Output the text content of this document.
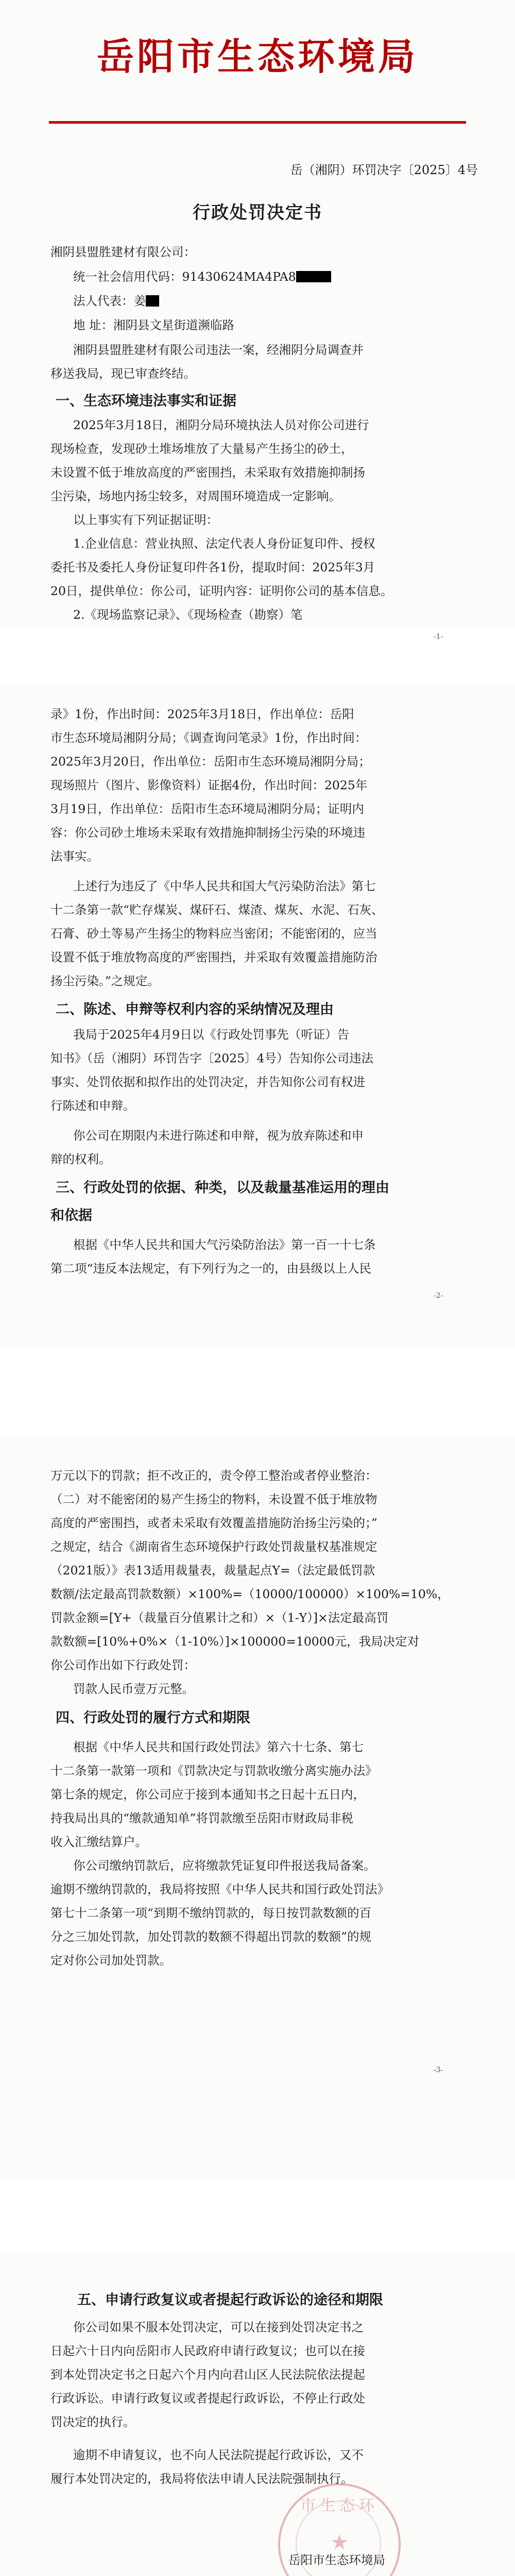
岳阳市生态环境局
岳（湘阴）环罚决字〔2025〕4号
行政处罚决定书
湘阴县盟胜建材有限公司：
统一社会信用代码：91430624MA4PA8
法人代表：姜
地 址：湘阴县文星街道濒临路
湘阴县盟胜建材有限公司违法一案，经湘阴分局调查并
移送我局，现已审查终结。
一、生态环境违法事实和证据
2025年3月18日，湘阴分局环境执法人员对你公司进行
现场检查，发现砂土堆场堆放了大量易产生扬尘的砂土，
未设置不低于堆放高度的严密围挡，未采取有效措施抑制扬
尘污染，场地内扬尘较多，对周围环境造成一定影响。
以上事实有下列证据证明：
1.企业信息：营业执照、法定代表人身份证复印件、授权
委托书及委托人身份证复印件各1份，提取时间：2025年3月
20日，提供单位：你公司，证明内容：证明你公司的基本信息。
2.《现场监察记录》、《现场检查（勘察）笔
-1-
录》1份，作出时间：2025年3月18日，作出单位：岳阳
市生态环境局湘阴分局；《调查询问笔录》1份，作出时间：
2025年3月20日，作出单位：岳阳市生态环境局湘阴分局；
现场照片（图片、影像资料）证据4份，作出时间：2025年
3月19日，作出单位：岳阳市生态环境局湘阴分局；证明内
容：你公司砂土堆场未采取有效措施抑制扬尘污染的环境违
法事实。
上述行为违反了《中华人民共和国大气污染防治法》第七
十二条第一款“贮存煤炭、煤矸石、煤渣、煤灰、水泥、石灰、
石膏、砂土等易产生扬尘的物料应当密闭；不能密闭的，应当
设置不低于堆放物高度的严密围挡，并采取有效覆盖措施防治
扬尘污染。”之规定。
二、陈述、申辩等权利内容的采纳情况及理由
我局于2025年4月9日以《行政处罚事先（听证）告
知书》（岳（湘阴）环罚告字〔2025〕4号）告知你公司违法
事实、处罚依据和拟作出的处罚决定，并告知你公司有权进
行陈述和申辩。
你公司在期限内未进行陈述和申辩，视为放弃陈述和申
辩的权利。
三、行政处罚的依据、种类，以及裁量基准运用的理由
和依据
根据《中华人民共和国大气污染防治法》第一百一十七条
第二项“违反本法规定，有下列行为之一的，由县级以上人民
-2-
万元以下的罚款；拒不改正的，责令停工整治或者停业整治：
（二）对不能密闭的易产生扬尘的物料，未设置不低于堆放物
高度的严密围挡，或者未采取有效覆盖措施防治扬尘污染的；”
之规定，结合《湖南省生态环境保护行政处罚裁量权基准规定
（2021版）》表13适用裁量表，裁量起点Y=（法定最低罚款
数额/法定最高罚款数额）×100%=（10000/100000）×100%=10%，
罚款金额=[Y+（裁量百分值累计之和）×（1-Y）]×法定最高罚
款数额=[10%+0%×（1-10%）]×100000=10000元，我局决定对
你公司作出如下行政处罚：
罚款人民币壹万元整。
四、行政处罚的履行方式和期限
根据《中华人民共和国行政处罚法》第六十七条、第七
十二条第一款第一项和《罚款决定与罚款收缴分离实施办法》
第七条的规定，你公司应于接到本通知书之日起十五日内，
持我局出具的“缴款通知单”将罚款缴至岳阳市财政局非税
收入汇缴结算户。
你公司缴纳罚款后，应将缴款凭证复印件报送我局备案。
逾期不缴纳罚款的，我局将按照《中华人民共和国行政处罚法》
第七十二条第一项“到期不缴纳罚款的，每日按罚款数额的百
分之三加处罚款，加处罚款的数额不得超出罚款的数额”的规
定对你公司加处罚款。
-3-
五、申请行政复议或者提起行政诉讼的途径和期限
你公司如果不服本处罚决定，可以在接到处罚决定书之
日起六十日内向岳阳市人民政府申请行政复议；也可以在接
到本处罚决定书之日起六个月内向君山区人民法院依法提起
行政诉讼。申请行政复议或者提起行政诉讼，不停止行政处
罚决定的执行。
逾期不申请复议，也不向人民法院提起行政诉讼，又不
履行本处罚决定的，我局将依法申请人民法院强制执行。
岳阳市生态环境局
市生态环
★
